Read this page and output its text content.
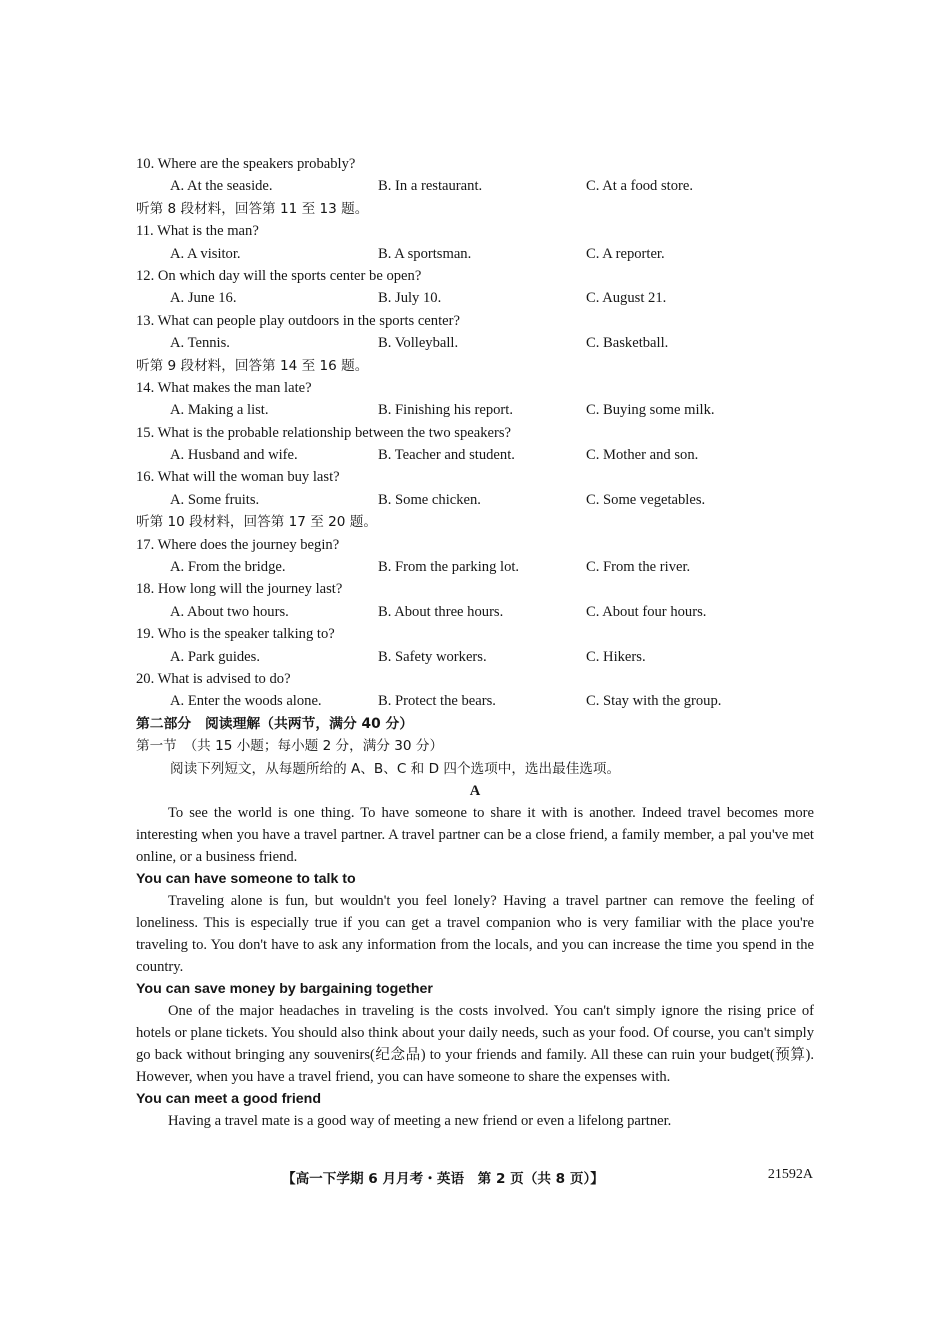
10. Where are the speakers probably?
A. At the seaside.	B. In a restaurant.	C. At a food store.
听第 8 段材料，回答第 11 至 13 题。
11. What is the man?
A. A visitor.	B. A sportsman.	C. A reporter.
12. On which day will the sports center be open?
A. June 16.	B. July 10.	C. August 21.
13. What can people play outdoors in the sports center?
A. Tennis.	B. Volleyball.	C. Basketball.
听第 9 段材料，回答第 14 至 16 题。
14. What makes the man late?
A. Making a list.	B. Finishing his report.	C. Buying some milk.
15. What is the probable relationship between the two speakers?
A. Husband and wife.	B. Teacher and student.	C. Mother and son.
16. What will the woman buy last?
A. Some fruits.	B. Some chicken.	C. Some vegetables.
听第 10 段材料，回答第 17 至 20 题。
17. Where does the journey begin?
A. From the bridge.	B. From the parking lot.	C. From the river.
18. How long will the journey last?
A. About two hours.	B. About three hours.	C. About four hours.
19. Who is the speaker talking to?
A. Park guides.	B. Safety workers.	C. Hikers.
20. What is advised to do?
A. Enter the woods alone.	B. Protect the bears.	C. Stay with the group.
第二部分　阅读理解（共两节，满分 40 分）
第一节　（共 15 小题；每小题 2 分，满分 30 分）
阅读下列短文，从每题所给的 A、B、C 和 D 四个选项中，选出最佳选项。
A
To see the world is one thing. To have someone to share it with is another. Indeed travel becomes more interesting when you have a travel partner. A travel partner can be a close friend, a family member, a pal you've met online, or a business friend.
You can have someone to talk to
Traveling alone is fun, but wouldn't you feel lonely? Having a travel partner can remove the feeling of loneliness. This is especially true if you can get a travel companion who is very familiar with the place you're traveling to. You don't have to ask any information from the locals, and you can increase the time you spend in the country.
You can save money by bargaining together
One of the major headaches in traveling is the costs involved. You can't simply ignore the rising price of hotels or plane tickets. You should also think about your daily needs, such as your food. Of course, you can't simply go back without bringing any souvenirs(纪念品) to your friends and family. All these can ruin your budget(预算). However, when you have a travel friend, you can have someone to share the expenses with.
You can meet a good friend
Having a travel mate is a good way of meeting a new friend or even a lifelong partner.
【高一下学期 6 月月考・英语　第 2 页（共 8 页）】	21592A
